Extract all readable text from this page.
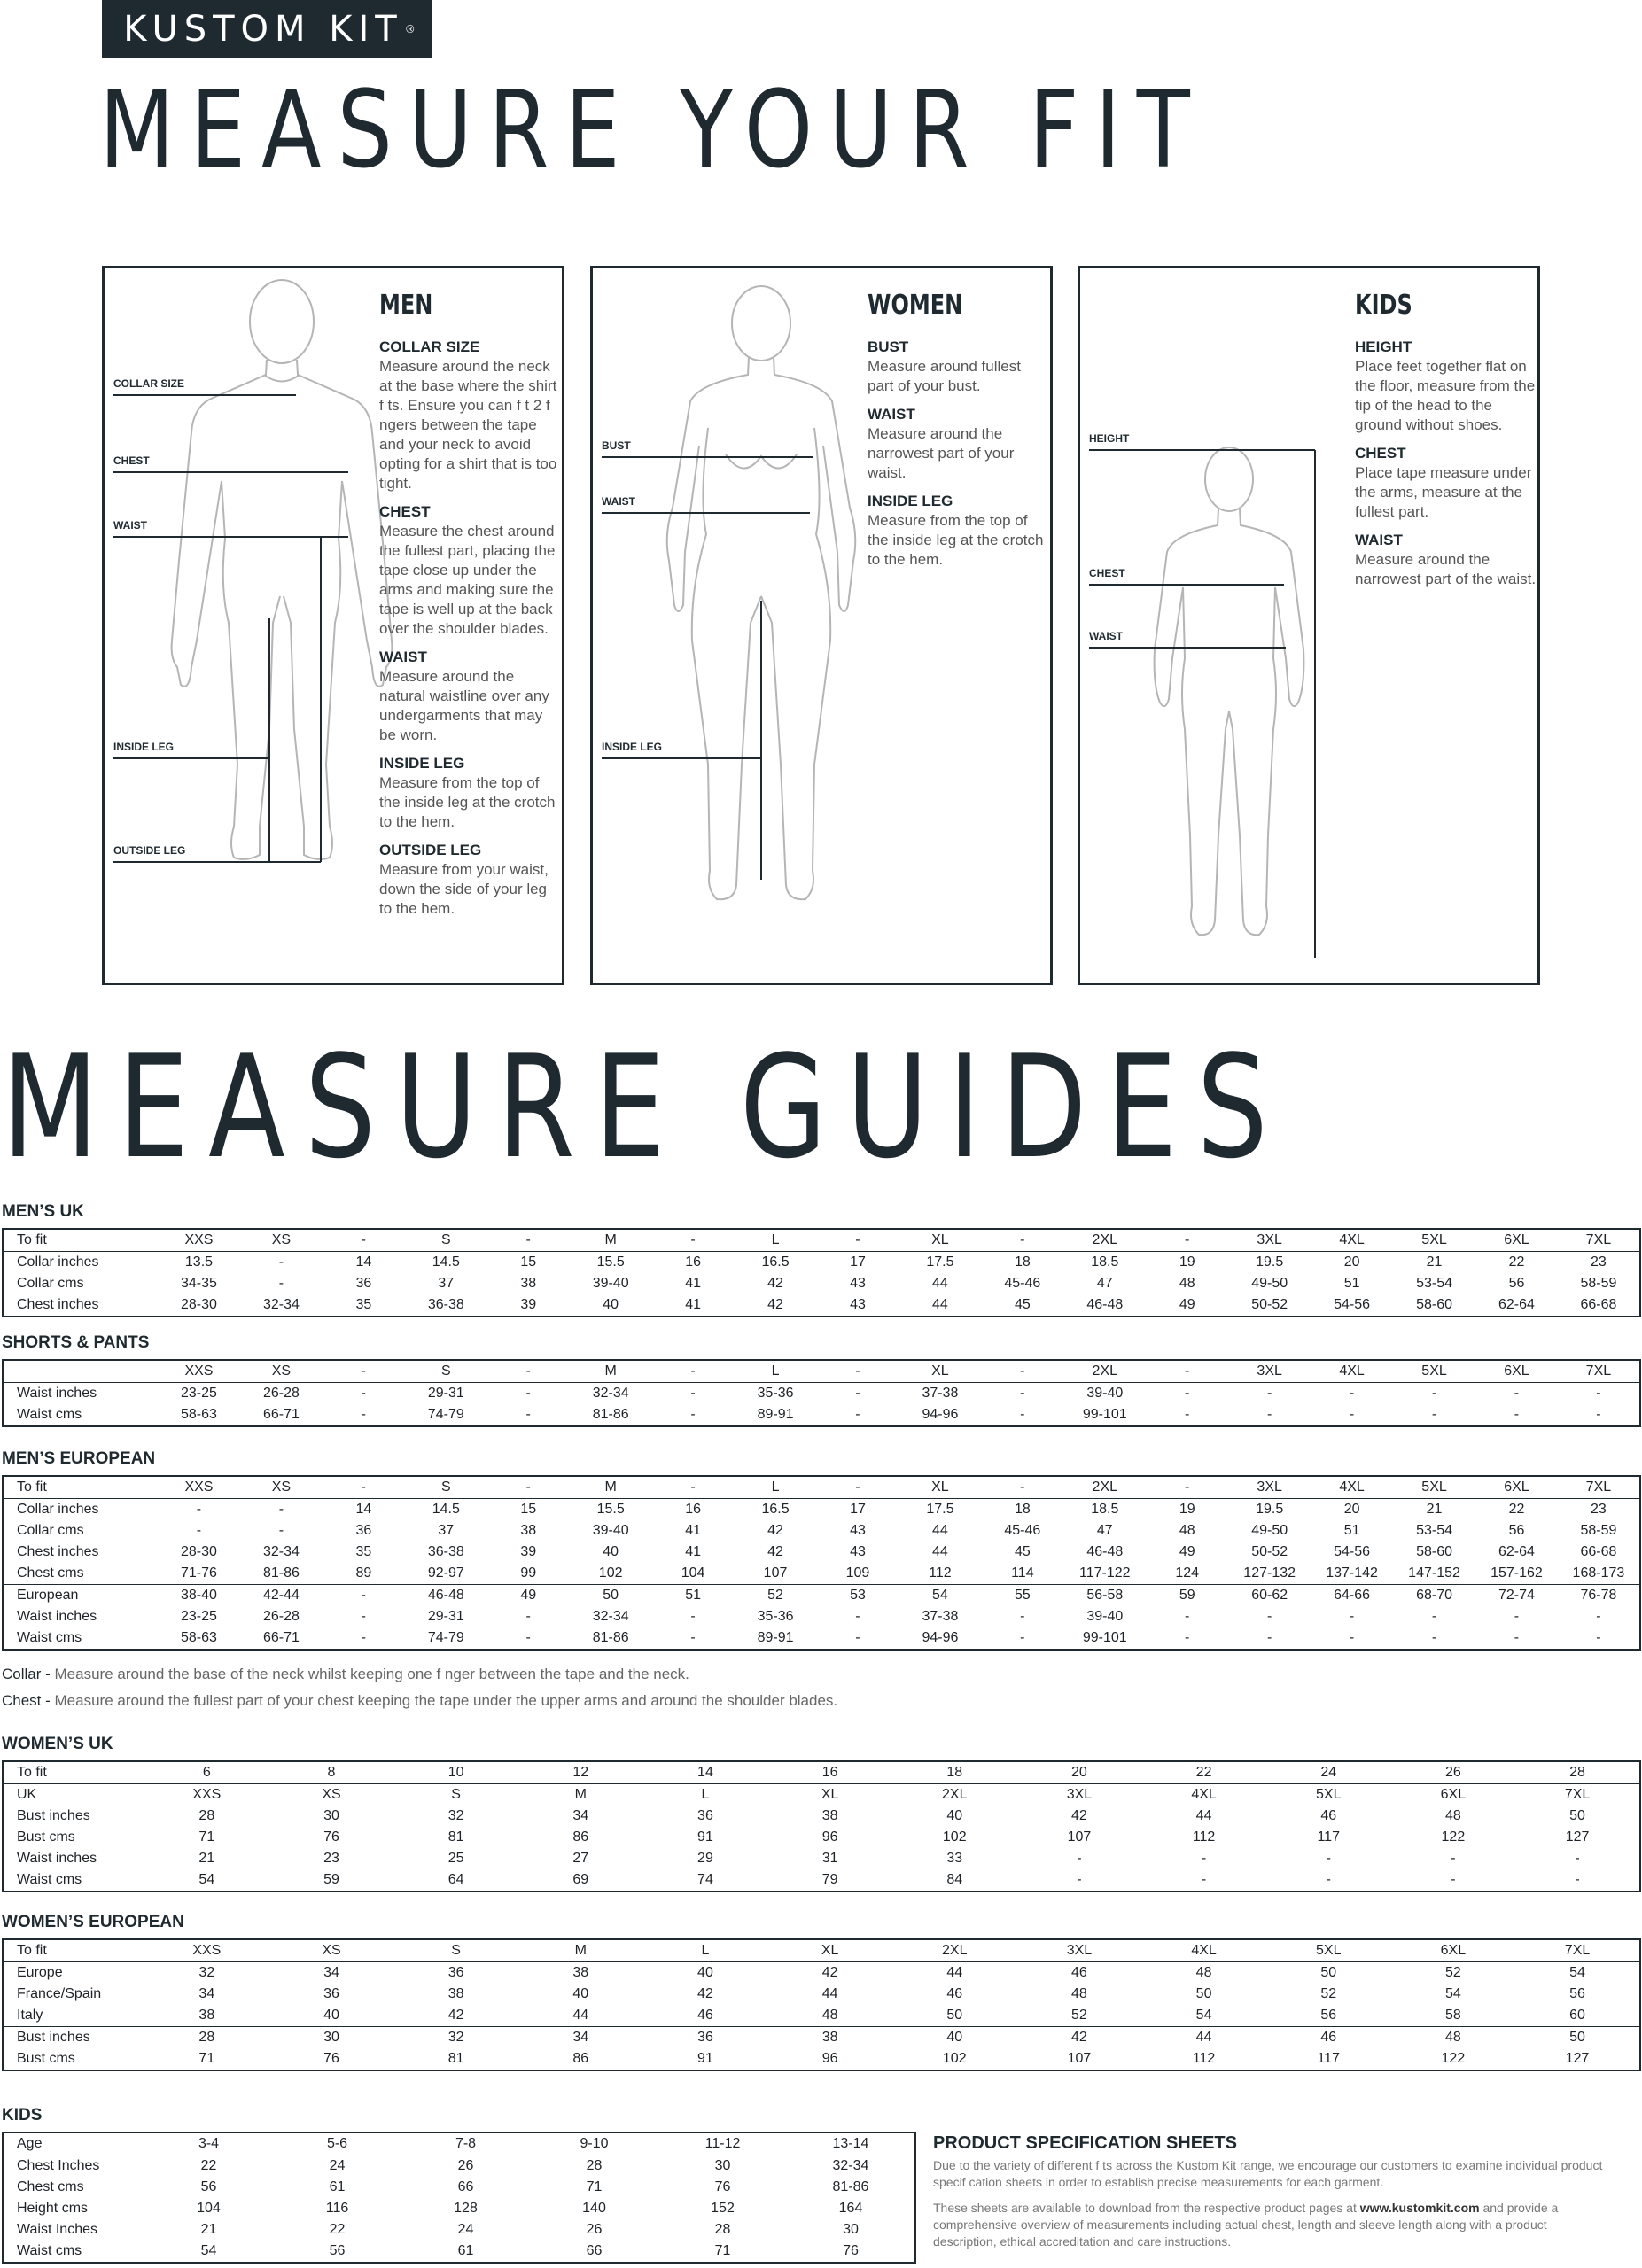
KUSTOM KIT ®
MEASURE YOUR FIT
COLLAR SIZE
CHEST
WAIST
INSIDE LEG
OUTSIDE LEG
MEN
COLLAR SIZE
Measure around the neck at the base where the shirt f ts. Ensure you can f t 2 f ngers between the tape and your neck to avoid opting for a shirt that is too tight.
CHEST
Measure the chest around the fullest part, placing the tape close up under the arms and making sure the tape is well up at the back over the shoulder blades.
WAIST
Measure around the natural waistline over any undergarments that may be worn.
INSIDE LEG
Measure from the top of the inside leg at the crotch to the hem.
OUTSIDE LEG
Measure from your waist, down the side of your leg to the hem.
BUST
WAIST
INSIDE LEG
WOMEN
BUST
Measure around fullest part of your bust.
WAIST
Measure around the narrowest part of your waist.
INSIDE LEG
Measure from the top of the inside leg at the crotch to the hem.
HEIGHT
CHEST
WAIST
KIDS
HEIGHT
Place feet together flat on the floor, measure from the tip of the head to the ground without shoes.
CHEST
Place tape measure under the arms, measure at the fullest part.
WAIST
Measure around the narrowest part of the waist.
MEASURE GUIDES
MEN’S UK
To fit	XXS	XS	-	S	-	M	-	L	-	XL	-	2XL	-	3XL	4XL	5XL	6XL	7XL
Collar inches	13.5	-	14	14.5	15	15.5	16	16.5	17	17.5	18	18.5	19	19.5	20	21	22	23
Collar cms	34-35	-	36	37	38	39-40	41	42	43	44	45-46	47	48	49-50	51	53-54	56	58-59
Chest inches	28-30	32-34	35	36-38	39	40	41	42	43	44	45	46-48	49	50-52	54-56	58-60	62-64	66-68
SHORTS & PANTS
	XXS	XS	-	S	-	M	-	L	-	XL	-	2XL	-	3XL	4XL	5XL	6XL	7XL
Waist inches	23-25	26-28	-	29-31	-	32-34	-	35-36	-	37-38	-	39-40	-	-	-	-	-	-
Waist cms	58-63	66-71	-	74-79	-	81-86	-	89-91	-	94-96	-	99-101	-	-	-	-	-	-
MEN’S EUROPEAN
To fit	XXS	XS	-	S	-	M	-	L	-	XL	-	2XL	-	3XL	4XL	5XL	6XL	7XL
Collar inches	-	-	14	14.5	15	15.5	16	16.5	17	17.5	18	18.5	19	19.5	20	21	22	23
Collar cms	-	-	36	37	38	39-40	41	42	43	44	45-46	47	48	49-50	51	53-54	56	58-59
Chest inches	28-30	32-34	35	36-38	39	40	41	42	43	44	45	46-48	49	50-52	54-56	58-60	62-64	66-68
Chest cms	71-76	81-86	89	92-97	99	102	104	107	109	112	114	117-122	124	127-132	137-142	147-152	157-162	168-173
European	38-40	42-44	-	46-48	49	50	51	52	53	54	55	56-58	59	60-62	64-66	68-70	72-74	76-78
Waist inches	23-25	26-28	-	29-31	-	32-34	-	35-36	-	37-38	-	39-40	-	-	-	-	-	-
Waist cms	58-63	66-71	-	74-79	-	81-86	-	89-91	-	94-96	-	99-101	-	-	-	-	-	-
WOMEN’S UK
To fit	6	8	10	12	14	16	18	20	22	24	26	28
UK	XXS	XS	S	M	L	XL	2XL	3XL	4XL	5XL	6XL	7XL
Bust inches	28	30	32	34	36	38	40	42	44	46	48	50
Bust cms	71	76	81	86	91	96	102	107	112	117	122	127
Waist inches	21	23	25	27	29	31	33	-	-	-	-	-
Waist cms	54	59	64	69	74	79	84	-	-	-	-	-
WOMEN’S EUROPEAN
To fit	XXS	XS	S	M	L	XL	2XL	3XL	4XL	5XL	6XL	7XL
Europe	32	34	36	38	40	42	44	46	48	50	52	54
France/Spain	34	36	38	40	42	44	46	48	50	52	54	56
Italy	38	40	42	44	46	48	50	52	54	56	58	60
Bust inches	28	30	32	34	36	38	40	42	44	46	48	50
Bust cms	71	76	81	86	91	96	102	107	112	117	122	127
KIDS
Age	3-4	5-6	7-8	9-10	11-12	13-14
Chest Inches	22	24	26	28	30	32-34
Chest cms	56	61	66	71	76	81-86
Height cms	104	116	128	140	152	164
Waist Inches	21	22	24	26	28	30
Waist cms	54	56	61	66	71	76
Collar - Measure around the base of the neck whilst keeping one f nger between the tape and the neck.
Chest - Measure around the fullest part of your chest keeping the tape under the upper arms and around the shoulder blades.
PRODUCT SPECIFICATION SHEETS

Due to the variety of different f ts across the Kustom Kit range, we encourage our customers to examine individual product specif cation sheets in order to establish precise measurements for each garment.

These sheets are available to download from the respective product pages at www.kustomkit.com and provide a comprehensive overview of measurements including actual chest, length and sleeve length along with a product description, ethical accreditation and care instructions.
